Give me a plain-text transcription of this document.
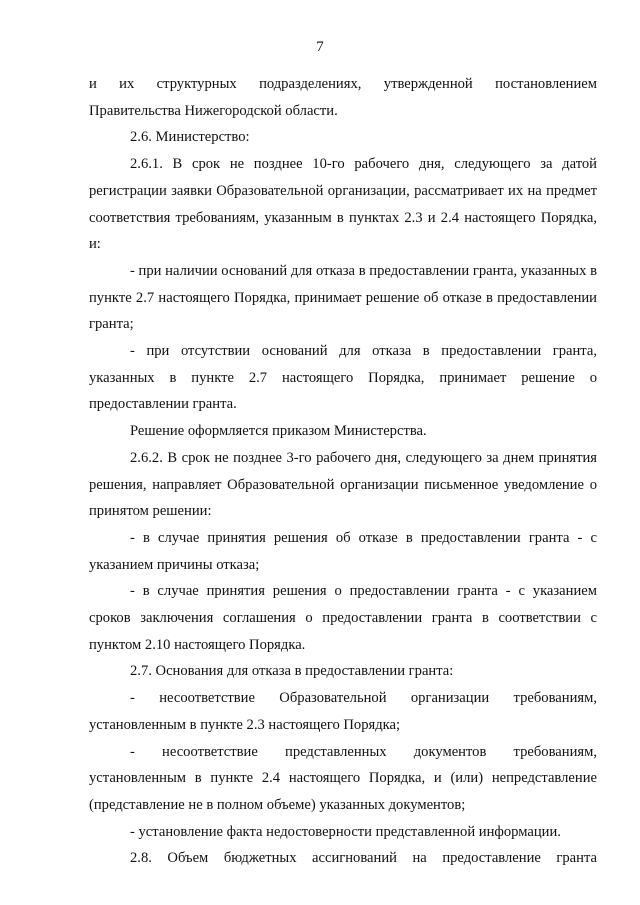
7

и их структурных подразделениях, утвержденной постановлением Правительства Нижегородской области.

2.6. Министерство:

2.6.1. В срок не позднее 10-го рабочего дня, следующего за датой регистрации заявки Образовательной организации, рассматривает их на предмет соответствия требованиям, указанным в пунктах 2.3 и 2.4 настоящего Порядка, и:

- при наличии оснований для отказа в предоставлении гранта, указанных в пункте 2.7 настоящего Порядка, принимает решение об отказе в предоставлении гранта;

- при отсутствии оснований для отказа в предоставлении гранта, указанных в пункте 2.7 настоящего Порядка, принимает решение о предоставлении гранта.

Решение оформляется приказом Министерства.

2.6.2. В срок не позднее 3-го рабочего дня, следующего за днем принятия решения, направляет Образовательной организации письменное уведомление о принятом решении:

- в случае принятия решения об отказе в предоставлении гранта - с указанием причины отказа;

- в случае принятия решения о предоставлении гранта - с указанием сроков заключения соглашения о предоставлении гранта в соответствии с пунктом 2.10 настоящего Порядка.

2.7. Основания для отказа в предоставлении гранта:

- несоответствие Образовательной организации требованиям, установленным в пункте 2.3 настоящего Порядка;

- несоответствие представленных документов требованиям, установленным в пункте 2.4 настоящего Порядка, и (или) непредставление (представление не в полном объеме) указанных документов;

- установление факта недостоверности представленной информации.

2.8. Объем бюджетных ассигнований на предоставление гранта
